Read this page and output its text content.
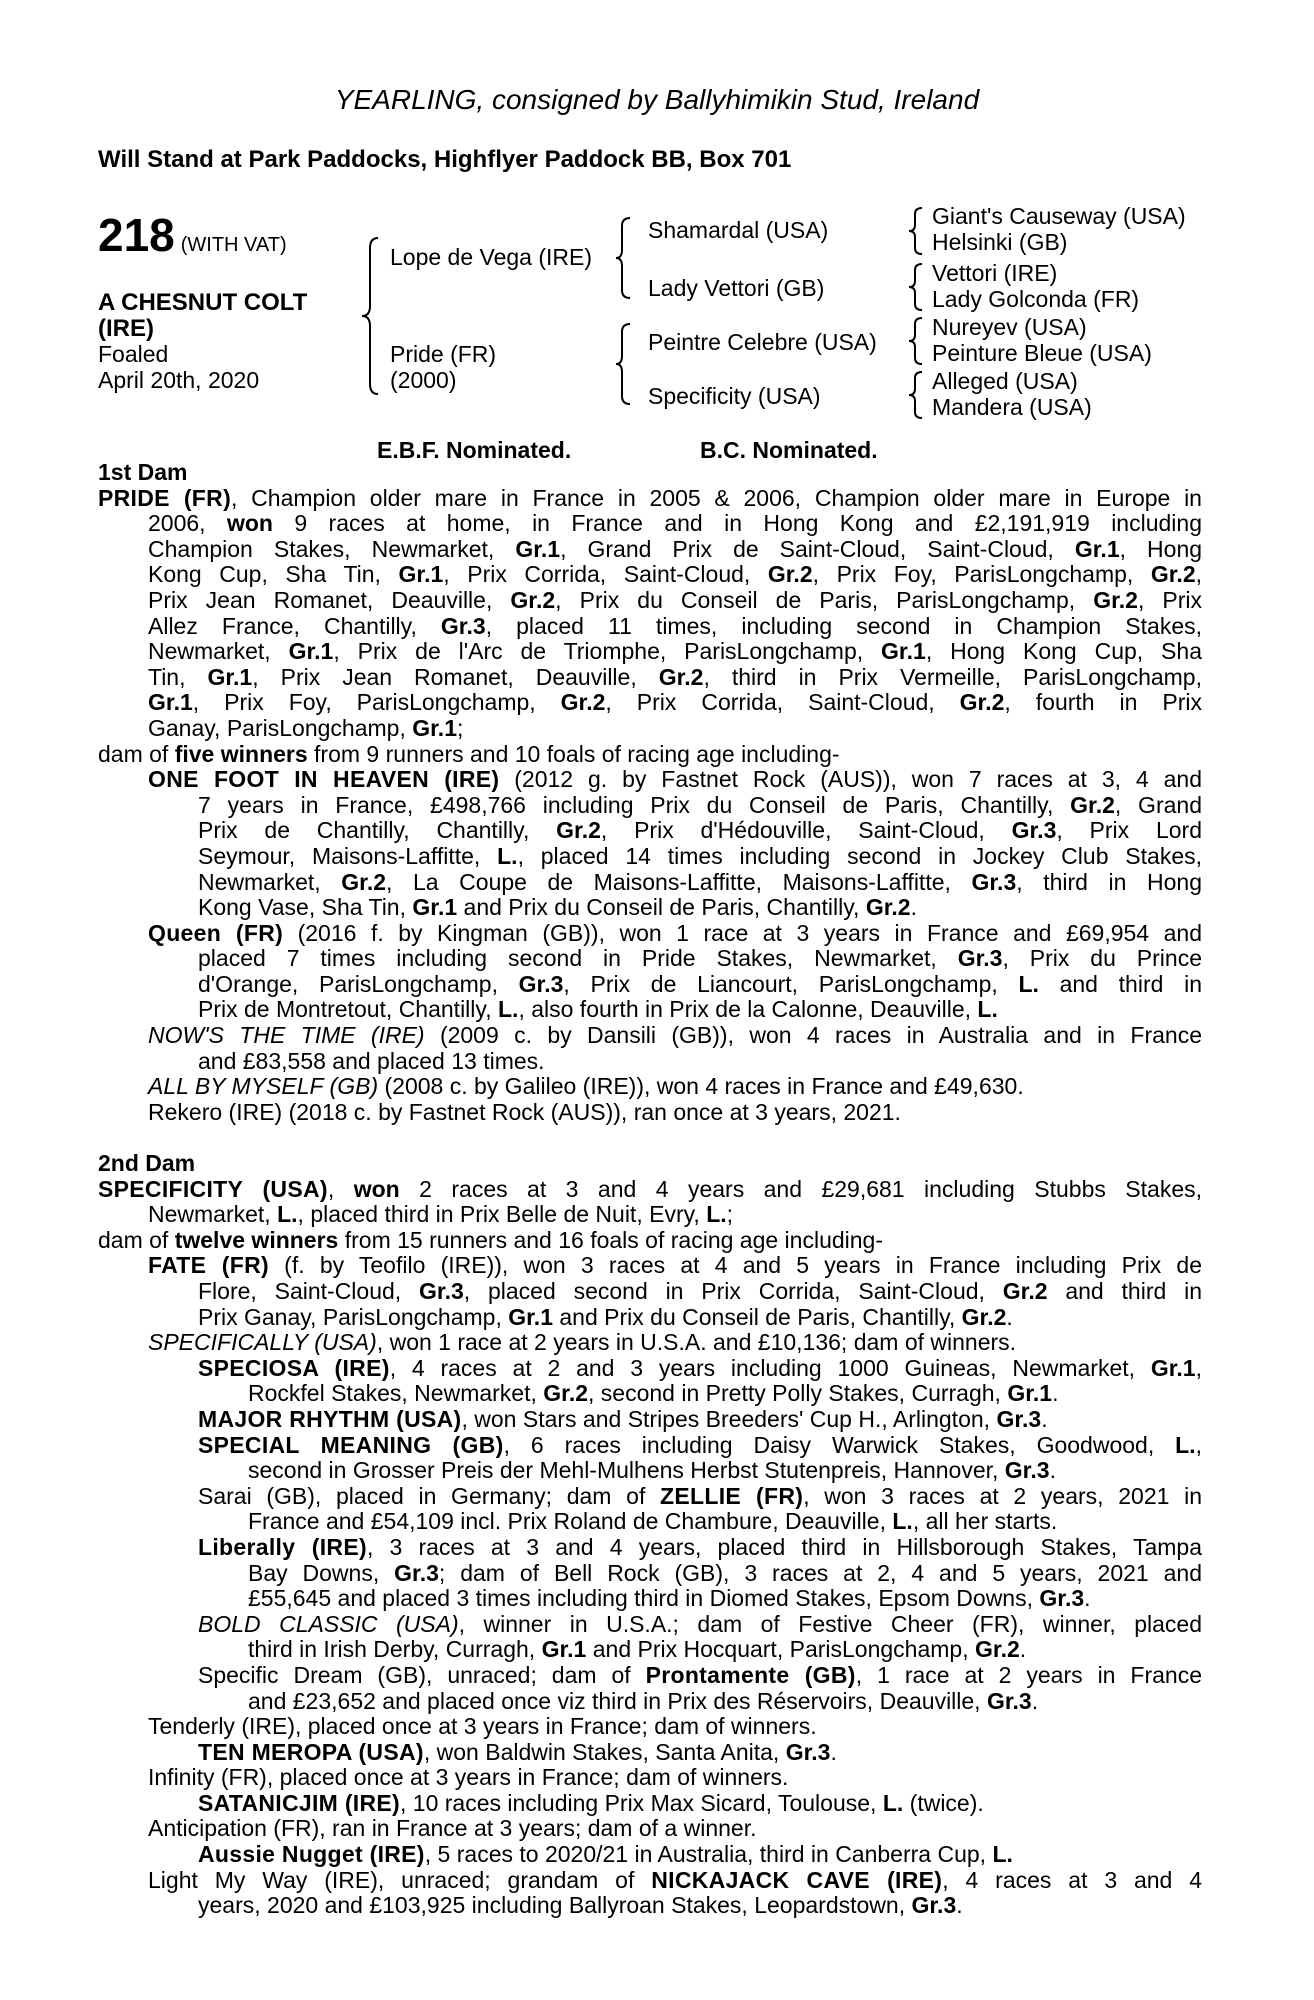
YEARLING, consigned by Ballyhimikin Stud, Ireland
Will Stand at Park Paddocks, Highflyer Paddock BB, Box 701
218 (WITH VAT)
A CHESNUT COLT
(IRE)
Foaled
April 20th, 2020
Lope de Vega (IRE)
Pride (FR)
(2000)
Shamardal (USA)
Lady Vettori (GB)
Peintre Celebre (USA)
Specificity (USA)
Giant's Causeway (USA)
Helsinki (GB)
Vettori (IRE)
Lady Golconda (FR)
Nureyev (USA)
Peinture Bleue (USA)
Alleged (USA)
Mandera (USA)
E.B.F. Nominated.	B.C. Nominated.
1st Dam
PRIDE (FR), Champion older mare in France in 2005 & 2006, Champion older mare in Europe in
2006, won 9 races at home, in France and in Hong Kong and £2,191,919 including
Champion Stakes, Newmarket, Gr.1, Grand Prix de Saint-Cloud, Saint-Cloud, Gr.1, Hong
Kong Cup, Sha Tin, Gr.1, Prix Corrida, Saint-Cloud, Gr.2, Prix Foy, ParisLongchamp, Gr.2,
Prix Jean Romanet, Deauville, Gr.2, Prix du Conseil de Paris, ParisLongchamp, Gr.2, Prix
Allez France, Chantilly, Gr.3, placed 11 times, including second in Champion Stakes,
Newmarket, Gr.1, Prix de l'Arc de Triomphe, ParisLongchamp, Gr.1, Hong Kong Cup, Sha
Tin, Gr.1, Prix Jean Romanet, Deauville, Gr.2, third in Prix Vermeille, ParisLongchamp,
Gr.1, Prix Foy, ParisLongchamp, Gr.2, Prix Corrida, Saint-Cloud, Gr.2, fourth in Prix
Ganay, ParisLongchamp, Gr.1;
dam of five winners from 9 runners and 10 foals of racing age including-
ONE FOOT IN HEAVEN (IRE) (2012 g. by Fastnet Rock (AUS)), won 7 races at 3, 4 and
7 years in France, £498,766 including Prix du Conseil de Paris, Chantilly, Gr.2, Grand
Prix de Chantilly, Chantilly, Gr.2, Prix d'Hédouville, Saint-Cloud, Gr.3, Prix Lord
Seymour, Maisons-Laffitte, L., placed 14 times including second in Jockey Club Stakes,
Newmarket, Gr.2, La Coupe de Maisons-Laffitte, Maisons-Laffitte, Gr.3, third in Hong
Kong Vase, Sha Tin, Gr.1 and Prix du Conseil de Paris, Chantilly, Gr.2.
Queen (FR) (2016 f. by Kingman (GB)), won 1 race at 3 years in France and £69,954 and
placed 7 times including second in Pride Stakes, Newmarket, Gr.3, Prix du Prince
d'Orange, ParisLongchamp, Gr.3, Prix de Liancourt, ParisLongchamp, L. and third in
Prix de Montretout, Chantilly, L., also fourth in Prix de la Calonne, Deauville, L.
NOW'S THE TIME (IRE) (2009 c. by Dansili (GB)), won 4 races in Australia and in France
and £83,558 and placed 13 times.
ALL BY MYSELF (GB) (2008 c. by Galileo (IRE)), won 4 races in France and £49,630.
Rekero (IRE) (2018 c. by Fastnet Rock (AUS)), ran once at 3 years, 2021.
2nd Dam
SPECIFICITY (USA), won 2 races at 3 and 4 years and £29,681 including Stubbs Stakes,
Newmarket, L., placed third in Prix Belle de Nuit, Evry, L.;
dam of twelve winners from 15 runners and 16 foals of racing age including-
FATE (FR) (f. by Teofilo (IRE)), won 3 races at 4 and 5 years in France including Prix de
Flore, Saint-Cloud, Gr.3, placed second in Prix Corrida, Saint-Cloud, Gr.2 and third in
Prix Ganay, ParisLongchamp, Gr.1 and Prix du Conseil de Paris, Chantilly, Gr.2.
SPECIFICALLY (USA), won 1 race at 2 years in U.S.A. and £10,136; dam of winners.
SPECIOSA (IRE), 4 races at 2 and 3 years including 1000 Guineas, Newmarket, Gr.1,
Rockfel Stakes, Newmarket, Gr.2, second in Pretty Polly Stakes, Curragh, Gr.1.
MAJOR RHYTHM (USA), won Stars and Stripes Breeders' Cup H., Arlington, Gr.3.
SPECIAL MEANING (GB), 6 races including Daisy Warwick Stakes, Goodwood, L.,
second in Grosser Preis der Mehl-Mulhens Herbst Stutenpreis, Hannover, Gr.3.
Sarai (GB), placed in Germany; dam of ZELLIE (FR), won 3 races at 2 years, 2021 in
France and £54,109 incl. Prix Roland de Chambure, Deauville, L., all her starts.
Liberally (IRE), 3 races at 3 and 4 years, placed third in Hillsborough Stakes, Tampa
Bay Downs, Gr.3; dam of Bell Rock (GB), 3 races at 2, 4 and 5 years, 2021 and
£55,645 and placed 3 times including third in Diomed Stakes, Epsom Downs, Gr.3.
BOLD CLASSIC (USA), winner in U.S.A.; dam of Festive Cheer (FR), winner, placed
third in Irish Derby, Curragh, Gr.1 and Prix Hocquart, ParisLongchamp, Gr.2.
Specific Dream (GB), unraced; dam of Prontamente (GB), 1 race at 2 years in France
and £23,652 and placed once viz third in Prix des Réservoirs, Deauville, Gr.3.
Tenderly (IRE), placed once at 3 years in France; dam of winners.
TEN MEROPA (USA), won Baldwin Stakes, Santa Anita, Gr.3.
Infinity (FR), placed once at 3 years in France; dam of winners.
SATANICJIM (IRE), 10 races including Prix Max Sicard, Toulouse, L. (twice).
Anticipation (FR), ran in France at 3 years; dam of a winner.
Aussie Nugget (IRE), 5 races to 2020/21 in Australia, third in Canberra Cup, L.
Light My Way (IRE), unraced; grandam of NICKAJACK CAVE (IRE), 4 races at 3 and 4
years, 2020 and £103,925 including Ballyroan Stakes, Leopardstown, Gr.3.
